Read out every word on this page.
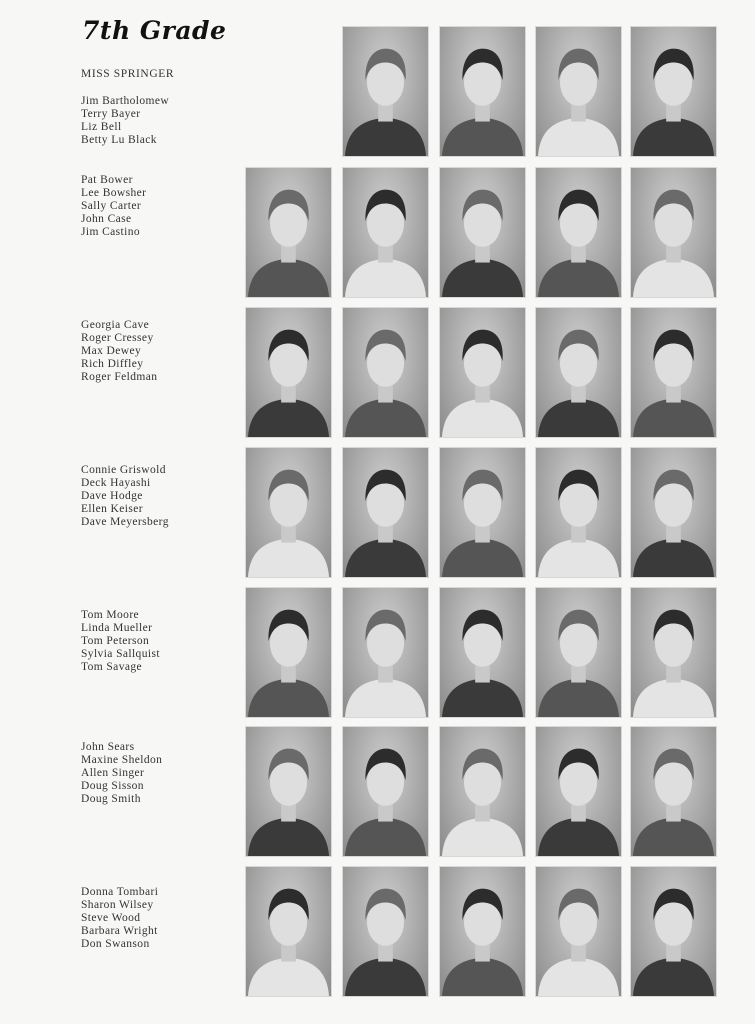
7th Grade
MISS SPRINGER
Jim Bartholomew
Terry Bayer
Liz Bell
Betty Lu Black
Pat Bower
Lee Bowsher
Sally Carter
John Case
Jim Castino
Georgia Cave
Roger Cressey
Max Dewey
Rich Diffley
Roger Feldman
Connie Griswold
Deck Hayashi
Dave Hodge
Ellen Keiser
Dave Meyersberg
Tom Moore
Linda Mueller
Tom Peterson
Sylvia Sallquist
Tom Savage
John Sears
Maxine Sheldon
Allen Singer
Doug Sisson
Doug Smith
Donna Tombari
Sharon Wilsey
Steve Wood
Barbara Wright
Don Swanson
